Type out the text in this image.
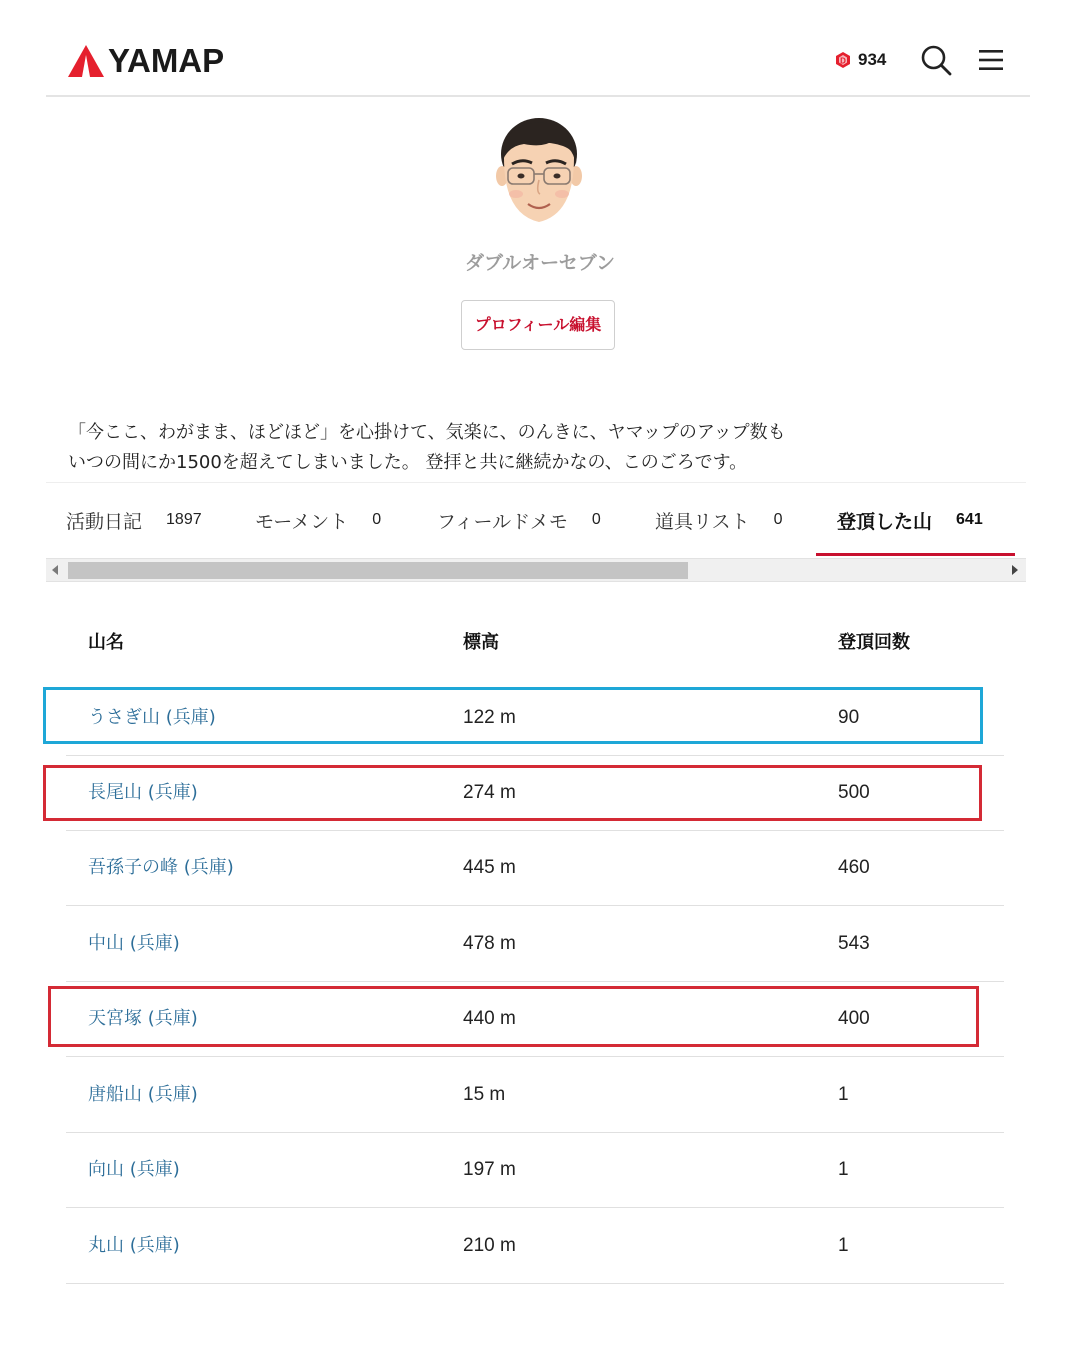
YAMAP	D 934
ダブルオーセブン
プロフィール編集

「今ここ、わがまま、ほどほど」を心掛けて、気楽に、のんきに、ヤマップのアップ数も

いつの間にか1500を超えてしまいました。 登拝と共に継続かなの、このごろです。

活動日記 1897	モーメント 0	フィールドメモ 0	道具リスト 0	登頂した山 641
山名	標高	登頂回数
うさぎ山 (兵庫)	122 m	90
長尾山 (兵庫)	274 m	500
吾孫子の峰 (兵庫)	445 m	460
中山 (兵庫)	478 m	543
天宮塚 (兵庫)	440 m	400
唐船山 (兵庫)	15 m	1
向山 (兵庫)	197 m	1
丸山 (兵庫)	210 m	1
